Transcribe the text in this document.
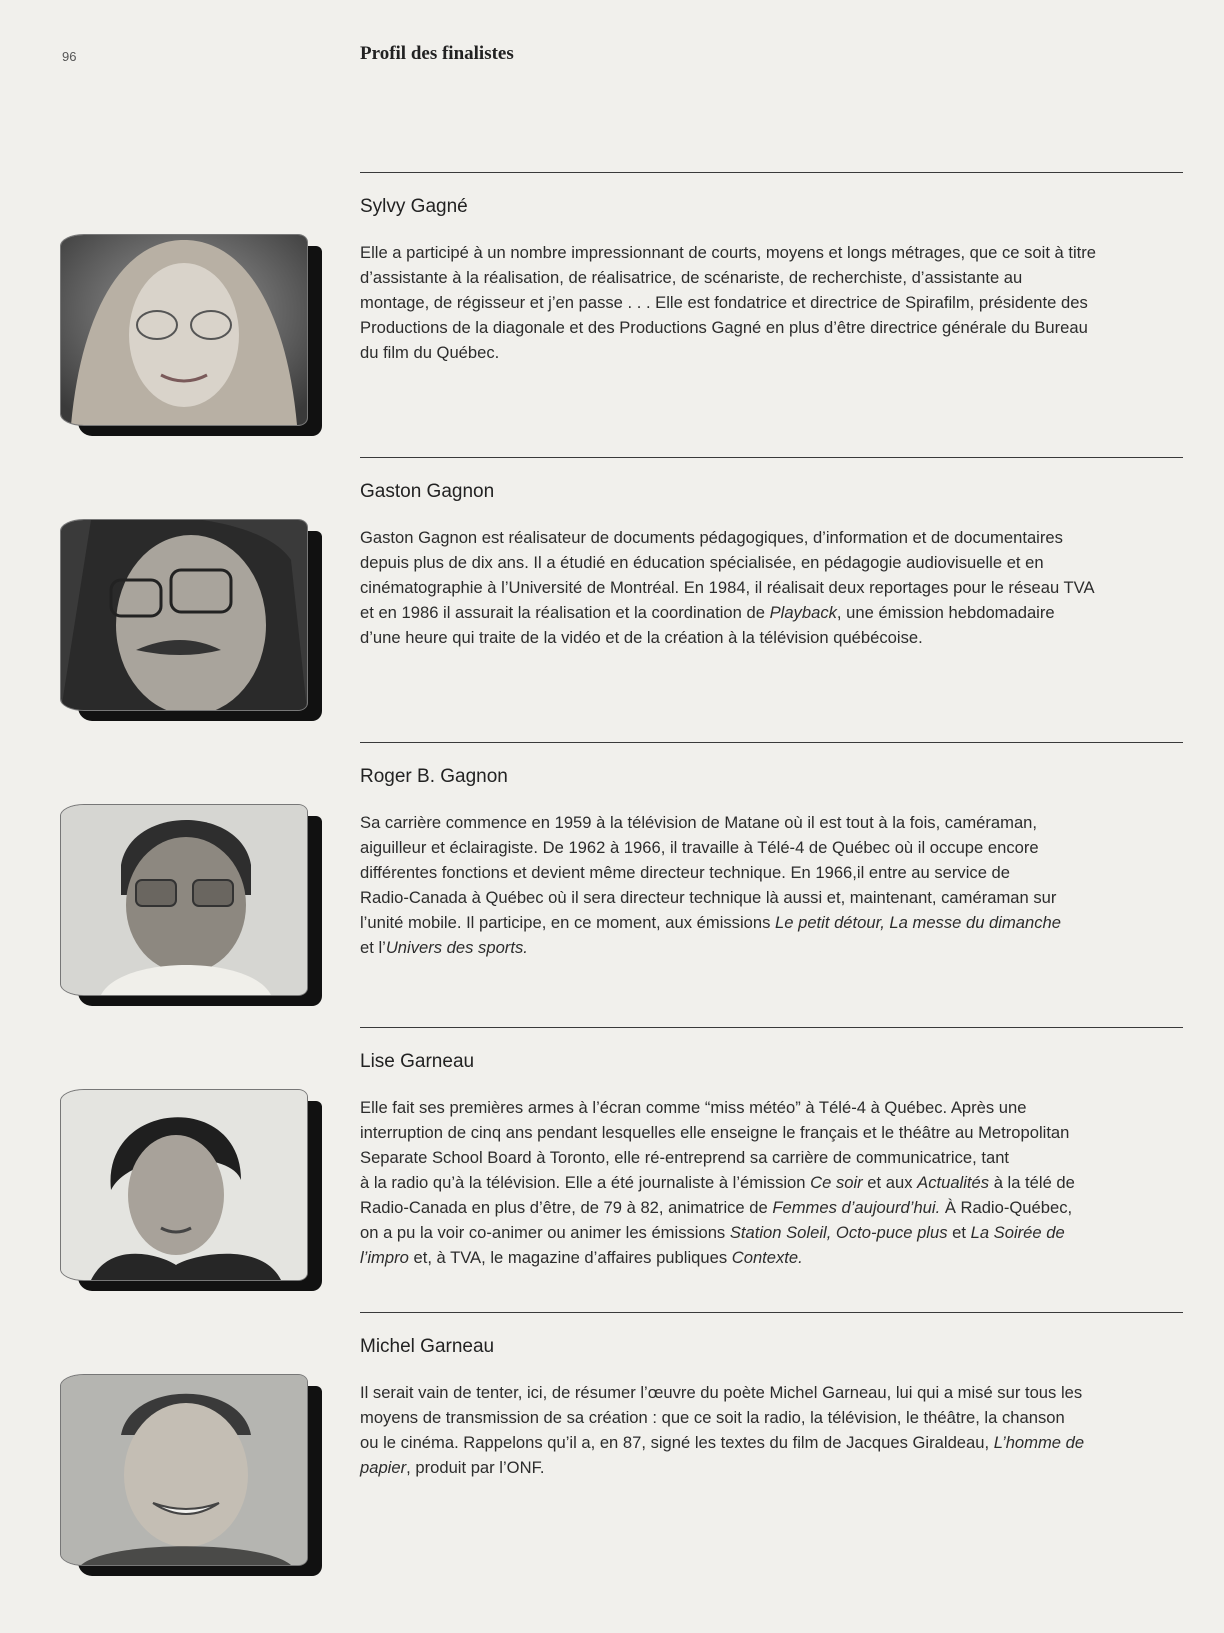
96	Profil des finalistes
Sylvy Gagné

Elle a participé à un nombre impressionnant de courts, moyens et longs métrages, que ce soit à titre
d’assistante à la réalisation, de réalisatrice, de scénariste, de recherchiste, d’assistante au
montage, de régisseur et j’en passe . . . Elle est fondatrice et directrice de Spirafilm, présidente des
Productions de la diagonale et des Productions Gagné en plus d’être directrice générale du Bureau
du film du Québec.

Gaston Gagnon

Gaston Gagnon est réalisateur de documents pédagogiques, d’information et de documentaires
depuis plus de dix ans. Il a étudié en éducation spécialisée, en pédagogie audiovisuelle et en
cinématographie à l’Université de Montréal. En 1984, il réalisait deux reportages pour le réseau TVA
et en 1986 il assurait la réalisation et la coordination de Playback, une émission hebdomadaire
d’une heure qui traite de la vidéo et de la création à la télévision québécoise.

Roger B. Gagnon

Sa carrière commence en 1959 à la télévision de Matane où il est tout à la fois, caméraman,
aiguilleur et éclairagiste. De 1962 à 1966, il travaille à Télé-4 de Québec où il occupe encore
différentes fonctions et devient même directeur technique. En 1966,il entre au service de
Radio-Canada à Québec où il sera directeur technique là aussi et, maintenant, caméraman sur
l’unité mobile. Il participe, en ce moment, aux émissions Le petit détour, La messe du dimanche
et l’Univers des sports.

Lise Garneau

Elle fait ses premières armes à l’écran comme “miss météo” à Télé-4 à Québec. Après une
interruption de cinq ans pendant lesquelles elle enseigne le français et le théâtre au Metropolitan
Separate School Board à Toronto, elle ré-entreprend sa carrière de communicatrice, tant
à la radio qu’à la télévision. Elle a été journaliste à l’émission Ce soir et aux Actualités à la télé de
Radio-Canada en plus d’être, de 79 à 82, animatrice de Femmes d’aujourd’hui. À Radio-Québec,
on a pu la voir co-animer ou animer les émissions Station Soleil, Octo-puce plus et La Soirée de
l’impro et, à TVA, le magazine d’affaires publiques Contexte.

Michel Garneau

Il serait vain de tenter, ici, de résumer l’œuvre du poète Michel Garneau, lui qui a misé sur tous les
moyens de transmission de sa création : que ce soit la radio, la télévision, le théâtre, la chanson
ou le cinéma. Rappelons qu’il a, en 87, signé les textes du film de Jacques Giraldeau, L’homme de
papier, produit par l’ONF.
